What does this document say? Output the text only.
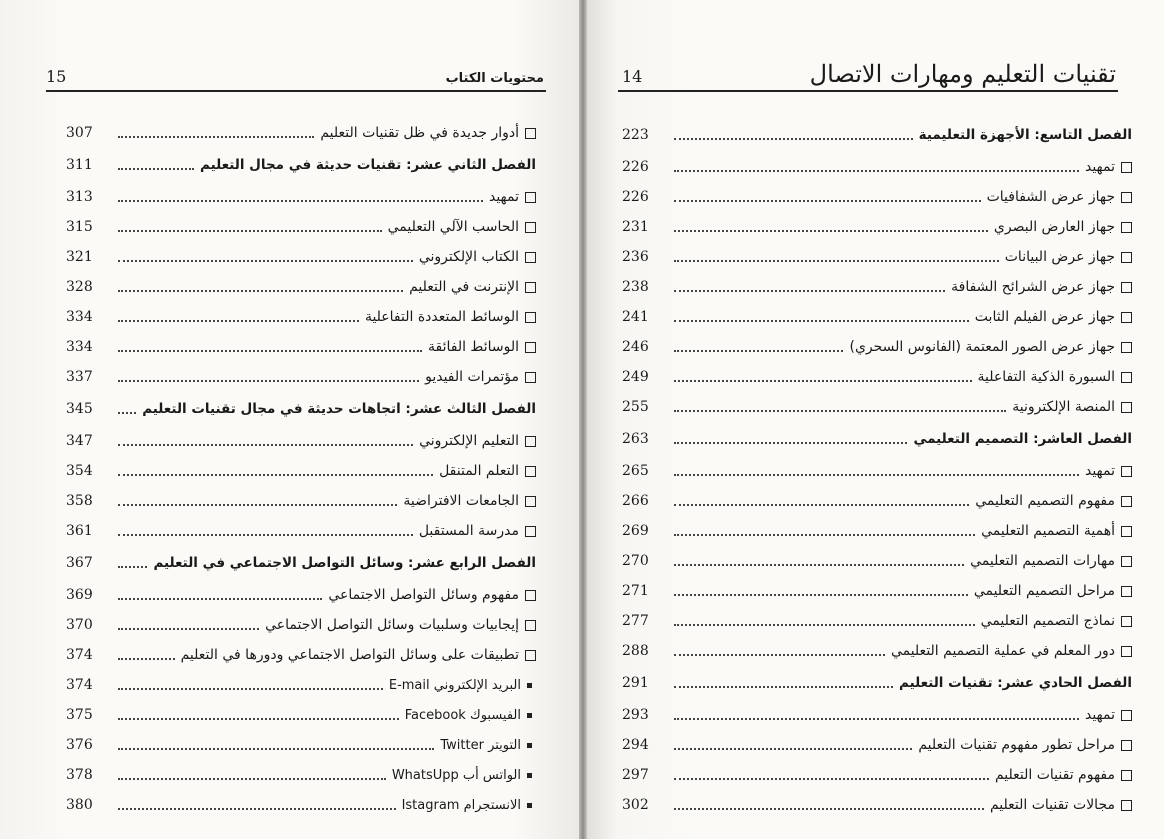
15	محتويات الكتاب
307	أدوار جديدة في ظل تقنيات التعليم
311	الفصل الثاني عشر: تقنيات حديثة في مجال التعليم
313	تمهيد
315	الحاسب الآلي التعليمي
321	الكتاب الإلكتروني
328	الإنترنت في التعليم
334	الوسائط المتعددة التفاعلية
334	الوسائط الفائقة
337	مؤتمرات الفيديو
345	الفصل الثالث عشر: اتجاهات حديثة في مجال تقنيات التعليم
347	التعليم الإلكتروني
354	التعلم المتنقل
358	الجامعات الافتراضية
361	مدرسة المستقبل
367	الفصل الرابع عشر: وسائل التواصل الاجتماعي في التعليم
369	مفهوم وسائل التواصل الاجتماعي
370	إيجابيات وسلبيات وسائل التواصل الاجتماعي
374	تطبيقات على وسائل التواصل الاجتماعي ودورها في التعليم
374	البريد الإلكتروني E-mail
375	الفيسبوك Facebook
376	التويتر Twitter
378	الواتس أب WhatsUpp
380	الانستجرام Istagram
14	تقنيات التعليم ومهارات الاتصال
223	الفصل التاسع: الأجهزة التعليمية
226	تمهيد
226	جهاز عرض الشفافيات
231	جهاز العارض البصري
236	جهاز عرض البيانات
238	جهاز عرض الشرائح الشفافة
241	جهاز عرض الفيلم الثابت
246	جهاز عرض الصور المعتمة (الفانوس السحري)
249	السبورة الذكية التفاعلية
255	المنصة الإلكترونية
263	الفصل العاشر: التصميم التعليمي
265	تمهيد
266	مفهوم التصميم التعليمي
269	أهمية التصميم التعليمي
270	مهارات التصميم التعليمي
271	مراحل التصميم التعليمي
277	نماذج التصميم التعليمي
288	دور المعلم في عملية التصميم التعليمي
291	الفصل الحادي عشر: تقنيات التعليم
293	تمهيد
294	مراحل تطور مفهوم تقنيات التعليم
297	مفهوم تقنيات التعليم
302	مجالات تقنيات التعليم
